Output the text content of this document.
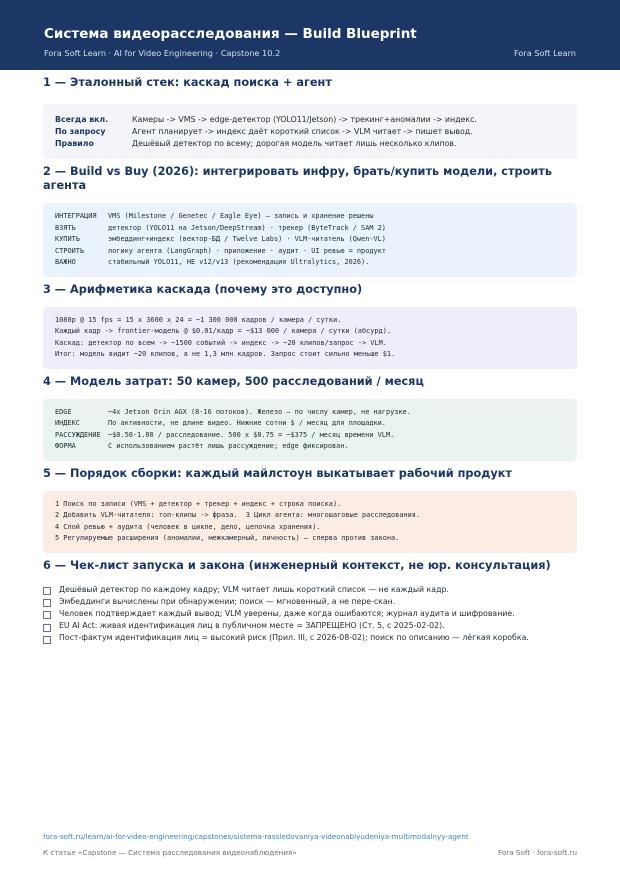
Система видеорасследования — Build Blueprint
Fora Soft Learn · AI for Video Engineering · Capstone 10.2	Fora Soft Learn
1 — Эталонный стек: каскад поиска + агент
Всегда вкл.	Камеры -> VMS -> edge-детектор (YOLO11/Jetson) -> трекинг+аномалии -> индекс.
По запросу	Агент планирует -> индекс даёт короткий список -> VLM читает -> пишет вывод.
Правило	Дешёвый детектор по всему; дорогая модель читает лишь несколько клипов.
2 — Build vs Buy (2026): интегрировать инфру, брать/купить модели, строить агента
ИНТЕГРАЦИЯ	VMS (Milestone / Genetec / Eagle Eye) — запись и хранение решены
ВЗЯТЬ	детектор (YOLO11 на Jetson/DeepStream) · трекер (ByteTrack / SAM 2)
КУПИТЬ	эмбеддинг+индекс (вектор-БД / Twelve Labs) · VLM-читатель (Qwen-VL)
СТРОИТЬ	логику агента (LangGraph) · приложение · аудит · UI ревью = продукт
ВАЖНО	стабильный YOLO11, НЕ v12/v13 (рекомендация Ultralytics, 2026).
3 — Арифметика каскада (почему это доступно)
1080p @ 15 fps = 15 x 3600 x 24 = ~1 300 000 кадров / камера / сутки.
Каждый кадр -> frontier-модель @ $0.01/кадр = ~$13 000 / камера / сутки (абсурд).
Каскад: детектор по всем -> ~1500 событий -> индекс -> ~20 клипов/запрос -> VLM.
Итог: модель видит ~20 клипов, а не 1,3 млн кадров. Запрос стоит сильно меньше $1.
4 — Модель затрат: 50 камер, 500 расследований / месяц
EDGE	~4x Jetson Orin AGX (8-16 потоков). Железо — по числу камер, не нагрузке.
ИНДЕКС	По активности, не длине видео. Нижние сотни $ / месяц для площадки.
РАССУЖДЕНИЕ	~$0.50-1.00 / расследование. 500 x $0.75 = ~$375 / месяц времени VLM.
ФОРМА	С использованием растёт лишь рассуждение; edge фиксирован.
5 — Порядок сборки: каждый майлстоун выкатывает рабочий продукт
1 Поиск по записи (VMS + детектор + трекер + индекс + строка поиска).
2 Добавить VLM-читателя: топ-клипы -> фраза.  3 Цикл агента: многошаговые расследования.
4 Слой ревью + аудита (человек в цикле, дело, цепочка хранения).
5 Регулируемые расширения (аномалии, межкамерный, личность) — сперва против закона.
6 — Чек-лист запуска и закона (инженерный контекст, не юр. консультация)
Дешёвый детектор по каждому кадру; VLM читает лишь короткий список — не каждый кадр.
Эмбеддинги вычислены при обнаружении; поиск — мгновенный, а не пере-скан.
Человек подтверждает каждый вывод; VLM уверены, даже когда ошибаются; журнал аудита и шифрование.
EU AI Act: живая идентификация лиц в публичном месте = ЗАПРЕЩЕНО (Ст. 5, с 2025-02-02).
Пост-фактум идентификация лиц = высокий риск (Прил. III, с 2026-08-02); поиск по описанию — лёгкая коробка.
fora-soft.ru/learn/ai-for-video-engineering/capstones/sistema-rassledovaniya-videonablyudeniya-multimodalnyy-agent
К статье «Capstone — Система расследования видеонаблюдения»	Fora Soft · fora-soft.ru
